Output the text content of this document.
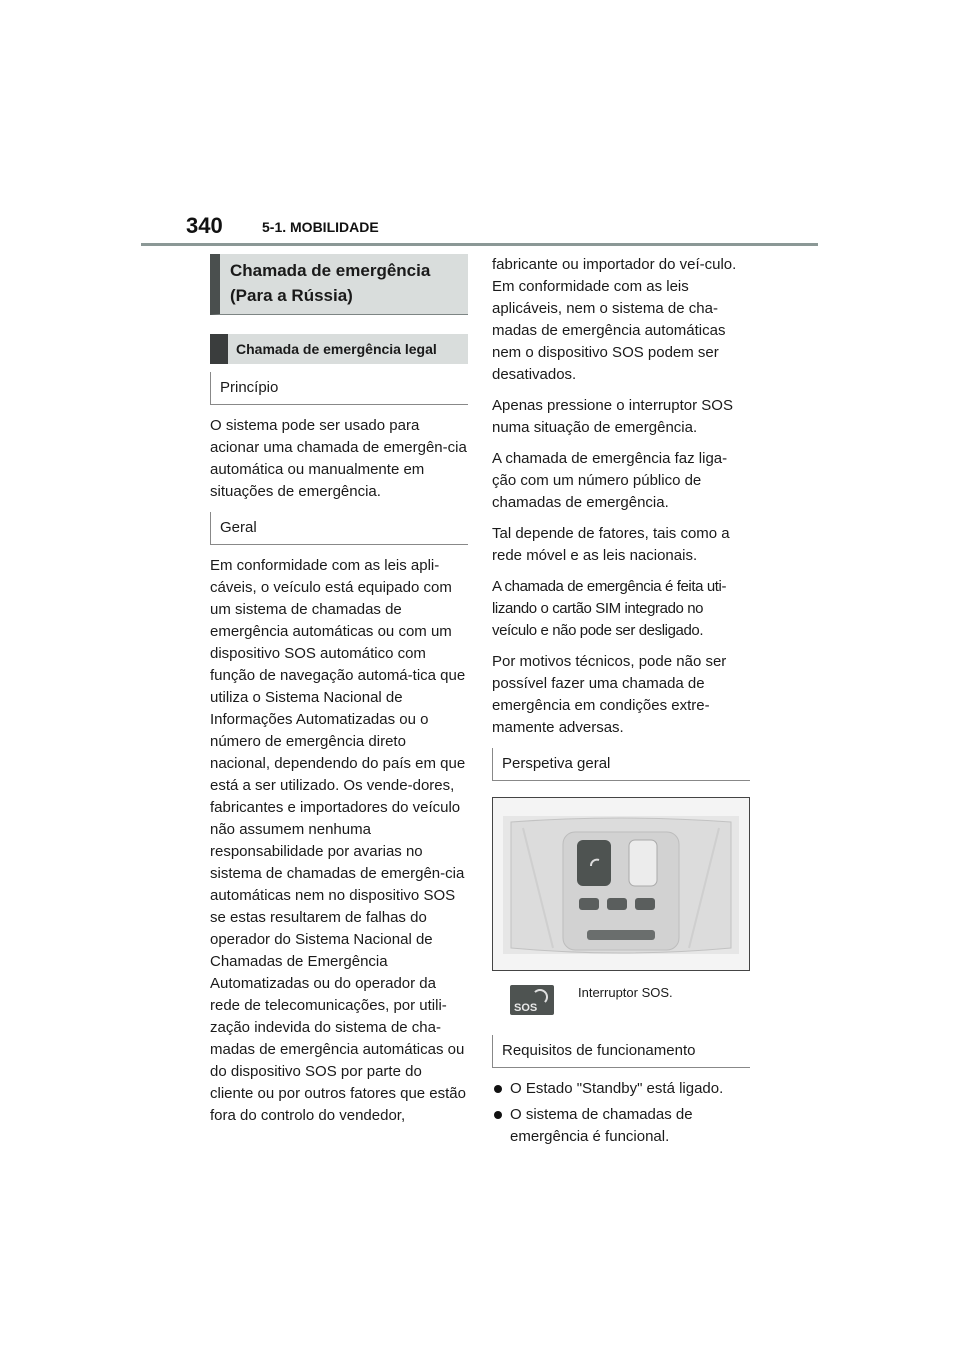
340	5-1. MOBILIDADE
Chamada de emergência (Para a Rússia)
Chamada de emergência legal
Princípio

O sistema pode ser usado para acionar uma chamada de emergên-cia automática ou manualmente em situações de emergência.

Geral

Em conformidade com as leis apli-cáveis, o veículo está equipado com um sistema de chamadas de emergência automáticas ou com um dispositivo SOS automático com função de navegação automá-tica que utiliza o Sistema Nacional de Informações Automatizadas ou o número de emergência direto nacional, dependendo do país em que está a ser utilizado. Os vende-dores, fabricantes e importadores do veículo não assumem nenhuma responsabilidade por avarias no sistema de chamadas de emergên-cia automáticas nem no dispositivo SOS se estas resultarem de falhas do operador do Sistema Nacional de Chamadas de Emergência Automatizadas ou do operador da rede de telecomunicações, por utili-zação indevida do sistema de cha-madas de emergência automáticas ou do dispositivo SOS por parte do cliente ou por outros fatores que estão fora do controlo do vendedor,

fabricante ou importador do veí-culo. Em conformidade com as leis aplicáveis, nem o sistema de cha-madas de emergência automáticas nem o dispositivo SOS podem ser desativados.

Apenas pressione o interruptor SOS numa situação de emergência.

A chamada de emergência faz liga-ção com um número público de chamadas de emergência.

Tal depende de fatores, tais como a rede móvel e as leis nacionais.

A chamada de emergência é feita uti-lizando o cartão SIM integrado no veículo e não pode ser desligado.

Por motivos técnicos, pode não ser possível fazer uma chamada de emergência em condições extre-mamente adversas.

Perspetiva geral
SOS
Interruptor SOS.
Requisitos de funcionamento
O Estado "Standby" está ligado.
O sistema de chamadas de emergência é funcional.
